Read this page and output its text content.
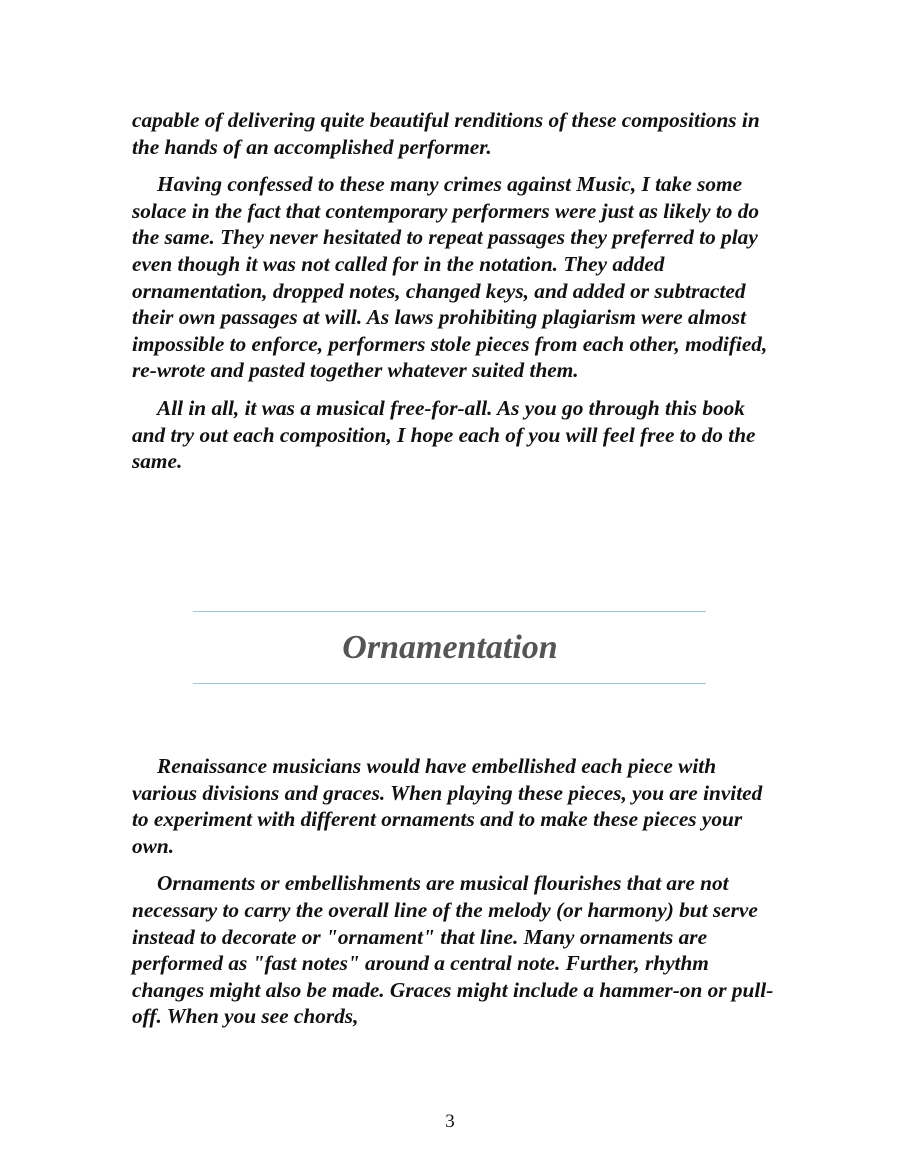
capable of delivering quite beautiful renditions of these compositions in the hands of an accomplished performer.

Having confessed to these many crimes against Music, I take some solace in the fact that contemporary performers were just as likely to do the same. They never hesitated to repeat passages they preferred to play even though it was not called for in the notation. They added ornamentation, dropped notes, changed keys, and added or subtracted their own passages at will. As laws prohibiting plagiarism were almost impossible to enforce, performers stole pieces from each other, modified, re-wrote and pasted together whatever suited them.

All in all, it was a musical free-for-all. As you go through this book and try out each composition, I hope each of you will feel free to do the same.

Ornamentation

Renaissance musicians would have embellished each piece with various divisions and graces. When playing these pieces, you are invited to experiment with different ornaments and to make these pieces your own.

Ornaments or embellishments are musical flourishes that are not necessary to carry the overall line of the melody (or harmony) but serve instead to decorate or "ornament" that line. Many ornaments are performed as "fast notes" around a central note. Further, rhythm changes might also be made. Graces might include a hammer-on or pull-off. When you see chords,

3
